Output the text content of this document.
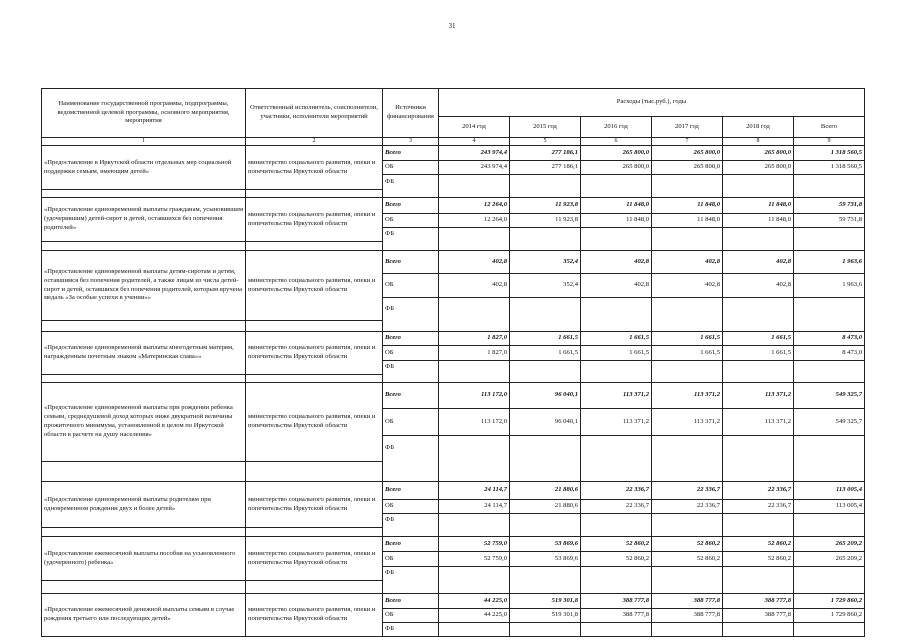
31
Наименование государственной программы, подпрограммы, ведомственной целевой программы, основного мероприятия, мероприятия	Ответственный исполнитель, соисполнители, участники, исполнители мероприятий	Источники финансирования	Расходы (тыс.руб.), годы					
			2014 год	2015 год	2016 год	2017 год	2018 год	Всего
1	2	3	4	5	6	7	8	9
«Предоставление в Иркутской области отдельных мер социальной поддержки семьям, имеющим детей»	министерство социального развития, опеки и попечительства Иркутской области	Всего	243 974,4	277 186,1	265 800,0	265 800,0	265 800,0	1 318 560,5
		ОБ	243 974,4	277 186,1	265 800,0	265 800,0	265 800,0	1 318 560,5
		ФБ						

«Предоставление единовременной выплаты гражданам, усыновившим (удочерившим) детей-сирот и детей, оставшихся без попечения родителей»	министерство социального развития, опеки и попечительства Иркутской области	Всего	12 264,0	11 923,8	11 848,0	11 848,0	11 848,0	59 731,8
		ОБ	12 264,0	11 923,8	11 848,0	11 848,0	11 848,0	59 731,8
		ФБ						

«Предоставление единовременной выплаты детям-сиротам и детям, оставшимся без попечения родителей, а также лицам из числа детей-сирот и детей, оставшихся без попечения родителей, которым вручена медаль «За особые успехи в учении»»	министерство социального развития, опеки и попечительства Иркутской области	Всего	402,8	352,4	402,8	402,8	402,8	1 963,6
		ОБ	402,8	352,4	402,8	402,8	402,8	1 963,6
		ФБ						

«Предоставление единовременной выплаты многодетным матерям, награжденным почетным знаком «Материнская слава»»	министерство социального развития, опеки и попечительства Иркутской области	Всего	1 827,0	1 661,5	1 661,5	1 661,5	1 661,5	8 473,0
		ОБ	1 827,0	1 661,5	1 661,5	1 661,5	1 661,5	8 473,0
		ФБ						

«Предоставление единовременной выплаты при рождении ребенка семьям, среднедушевой доход которых ниже двукратной величины прожиточного минимума, установленной в целом по Иркутской области в расчете на душу населения»	министерство социального развития, опеки и попечительства Иркутской области	Всего	113 172,0	96 040,1	113 371,2	113 371,2	113 371,2	549 325,7
		ОБ	113 172,0	96 040,1	113 371,2	113 371,2	113 371,2	549 325,7
		ФБ						

«Предоставление единовременной выплаты родителям при одновременном рождении двух и более детей»	министерство социального развития, опеки и попечительства Иркутской области	Всего	24 114,7	21 880,6	22 336,7	22 336,7	22 336,7	113 005,4
		ОБ	24 114,7	21 880,6	22 336,7	22 336,7	22 336,7	113 005,4
		ФБ						

«Предоставление ежемесячной выплаты пособия на усыновленного (удочеренного) ребенка»	министерство социального развития, опеки и попечительства Иркутской области	Всего	52 759,0	53 869,6	52 860,2	52 860,2	52 860,2	265 209,2
		ОБ	52 759,0	53 869,6	52 860,2	52 860,2	52 860,2	265 209,2
		ФБ						

«Предоставление ежемесячной денежной выплаты семьям в случае рождения третьего или последующих детей»	министерство социального развития, опеки и попечительства Иркутской области	Всего	44 225,0	519 301,8	388 777,8	388 777,8	388 777,8	1 729 860,2
		ОБ	44 225,0	519 301,8	388 777,8	388 777,8	388 777,8	1 729 860,2
		ФБ						
